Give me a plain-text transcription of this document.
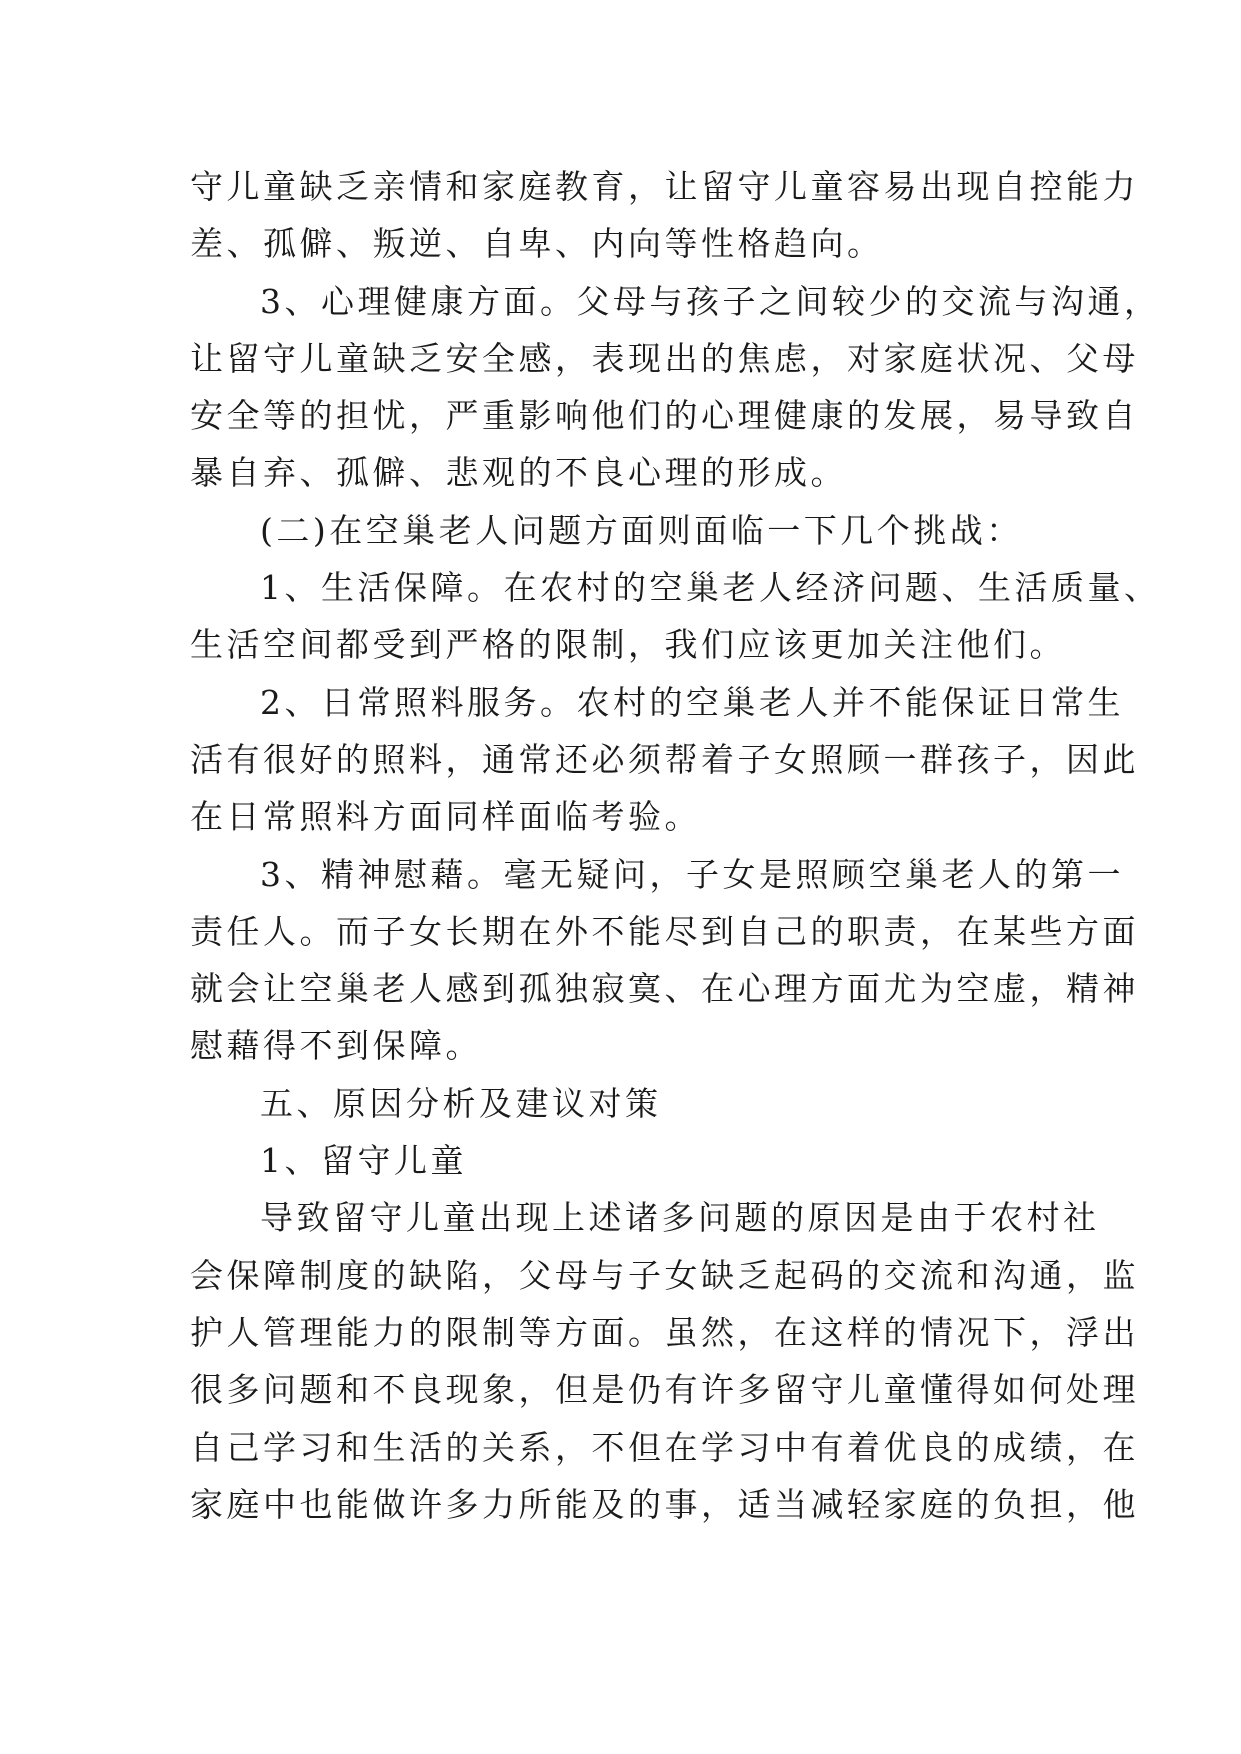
守儿童缺乏亲情和家庭教育，让留守儿童容易出现自控能力
差、孤僻、叛逆、自卑、内向等性格趋向。
3、心理健康方面。父母与孩子之间较少的交流与沟通，
让留守儿童缺乏安全感，表现出的焦虑，对家庭状况、父母
安全等的担忧，严重影响他们的心理健康的发展，易导致自
暴自弃、孤僻、悲观的不良心理的形成。
(二)在空巢老人问题方面则面临一下几个挑战：
1、生活保障。在农村的空巢老人经济问题、生活质量、
生活空间都受到严格的限制，我们应该更加关注他们。
2、日常照料服务。农村的空巢老人并不能保证日常生
活有很好的照料，通常还必须帮着子女照顾一群孩子，因此
在日常照料方面同样面临考验。
3、精神慰藉。毫无疑问，子女是照顾空巢老人的第一
责任人。而子女长期在外不能尽到自己的职责，在某些方面
就会让空巢老人感到孤独寂寞、在心理方面尤为空虚，精神
慰藉得不到保障。
五、原因分析及建议对策
1、留守儿童
导致留守儿童出现上述诸多问题的原因是由于农村社
会保障制度的缺陷，父母与子女缺乏起码的交流和沟通，监
护人管理能力的限制等方面。虽然，在这样的情况下，浮出
很多问题和不良现象，但是仍有许多留守儿童懂得如何处理
自己学习和生活的关系，不但在学习中有着优良的成绩，在
家庭中也能做许多力所能及的事，适当减轻家庭的负担，他
